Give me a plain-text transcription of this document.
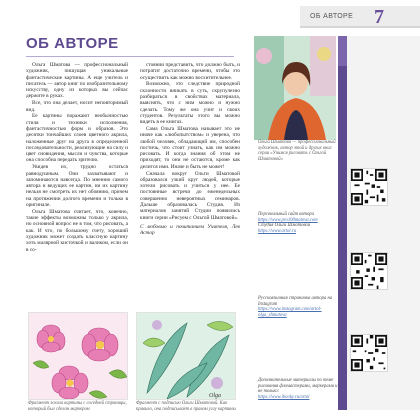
ОБ АВТОРЕ 7
ОБ АВТОРЕ

Ольга Шматова — профессиональный художник, пишущая уникальные фантастические картины. А еще учитель и писатель — автор книг по изобразительному искусству, одну из которых вы сейчас держите в руках.

Все, что она делает, носит неповторимый вид.

Ее картины поражают необычностью стиля и техники исполнения, фантастичностью форм и образов. Это десятки тончайших слоев цветного акрила, наложенные друг на друга в определенной последовательности, реализующие на силу и цвет сновидения, мысли и чувства, которые она способна передать зрителю.

Увидев их, трудно остаться равнодушным. Они захватывают и запоминаются навсегда. По мнению самого автора и ведущих ее картин, ни их картину нельзя не смотреть их нет обоянию, причем на протяжении долгого времени и только в оригинале.

Ольга Шматова считает, что, конечно, такие эффекты возможны только у акрила, но основной вопрос не в том, что рисовать, а как. И что, по большому счету, хороший художник может создать классную картину хоть малярной кисточкой и валиком, если он в со-

стоянии представить, что должно быть, и потратит достаточно времени, чтобы это осуществить как можно восхитительнее.

Возможно, это следствие природной склонности вникать в суть, скрупулезно разбираться в свойствах материала, выяснять, что с ним можно и нужно сделать. Тому же она учит и своих студентов. Результаты этого вы можно видеть в ее книгах.

Сама Ольга Шматова называет это не иначе как «любопытством» и уверена, что любой человек, обладающий им, способен постичь, что стоит узнать, как им можно рисовать. И когда знания об этом не приходят, то они не остаются, кроме как делится ими. Иначе и быть не может!

Сначала вокруг Ольги Шматовой образовался узкий круг людей, которые хотели рисовать и учиться у нее. Ее постоянные встречи до еженедельных совершенно невероятных семинаров. Дальше образовалась Студия. Из материалов занятий Студии появились книги серии «Рисуем с Ольгой Шматовой».

С любовью и почитанием Учителя, Лев Астор

Фрагмент эскиза картины с соседней страницы, который был сделан маркером
Olga
Фрагмент с подписью Ольги Шматовой. Как правило, она подписывает в правом углу картины
Ольга Шматова — профессиональный художник, автор этой и других книг серии «Учимся рисовать с Ольгой Шматовой»
Персональный сайт автора
https://www.pro100matova.com
Студия Ольги Шматовой
https://www.artol.ru
Русскоязычная страничка автора на Instagram
https://www.instagram.com/artol-olga_shmatova
Дополнительные материалы по теме рисования фломастерами, маркерами и не только:
https://www.ibooky.ru/artol
